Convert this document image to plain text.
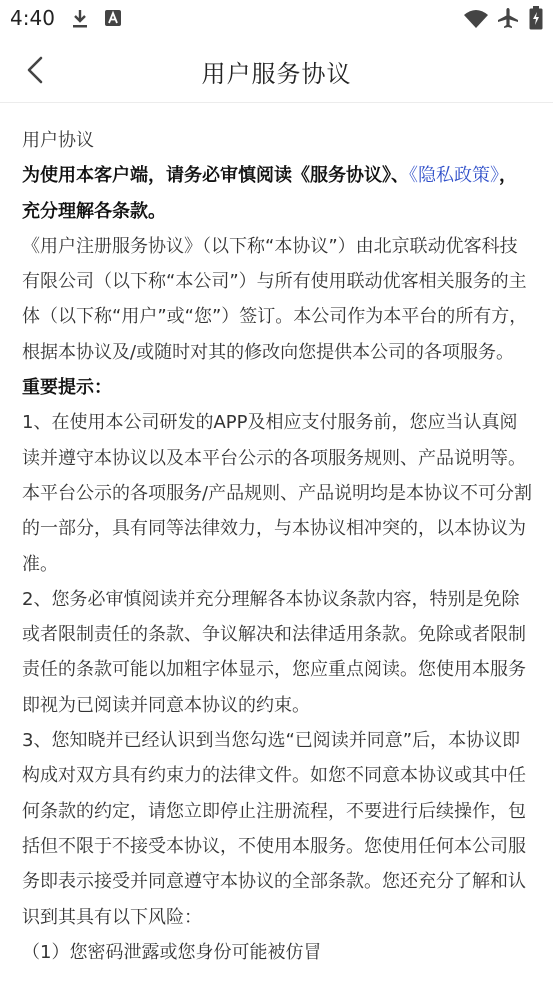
4:40
用户服务协议

用户协议

为使用本客户端，请务必审慎阅读《服务协议》、《隐私政策》，充分理解各条款。

《用户注册服务协议》（以下称“本协议”）由北京联动优客科技有限公司（以下称“本公司”）与所有使用联动优客相关服务的主体（以下称“用户”或“您”）签订。本公司作为本平台的所有方，根据本协议及/或随时对其的修改向您提供本公司的各项服务。

重要提示：

1、在使用本公司研发的APP及相应支付服务前，您应当认真阅读并遵守本协议以及本平台公示的各项服务规则、产品说明等。本平台公示的各项服务/产品规则、产品说明均是本协议不可分割的一部分，具有同等法律效力，与本协议相冲突的，以本协议为准。

2、您务必审慎阅读并充分理解各本协议条款内容，特别是免除或者限制责任的条款、争议解决和法律适用条款。免除或者限制责任的条款可能以加粗字体显示，您应重点阅读。您使用本服务即视为已阅读并同意本协议的约束。

3、您知晓并已经认识到当您勾选“已阅读并同意”后，本协议即构成对双方具有约束力的法律文件。如您不同意本协议或其中任何条款的约定，请您立即停止注册流程，不要进行后续操作，包括但不限于不接受本协议，不使用本服务。您使用任何本公司服务即表示接受并同意遵守本协议的全部条款。您还充分了解和认识到其具有以下风险：

（1）您密码泄露或您身份可能被仿冒
